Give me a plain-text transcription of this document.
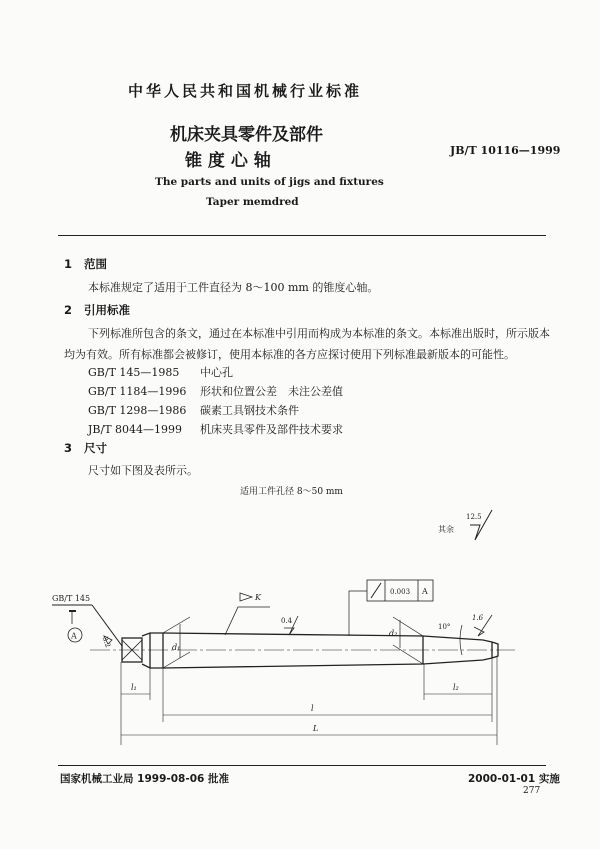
中华人民共和国机械行业标准
机床夹具零件及部件
锥 度 心 轴
JB/T 10116—1999
The parts and units of jigs and fixtures
Taper memdred
1 范围
本标准规定了适用于工件直径为 8～100 mm 的锥度心轴。
2 引用标准
下列标准所包含的条文，通过在本标准中引用而构成为本标准的条文。本标准出版时，所示版本
均为有效。所有标准都会被修订，使用本标准的各方应探讨使用下列标准最新版本的可能性。
GB/T 145—1985 中心孔
GB/T 1184—1996 形状和位置公差　未注公差值
GB/T 1298—1986 碳素工具钢技术条件
JB/T 8044—1999 机床夹具零件及部件技术要求
3 尺寸
尺寸如下图及表所示。
适用工件孔径 8～50 mm
其余
12.5
d₁
d₂
GB/T 145
A	3.2
K
0.4
0.003 A
10°
1.6
l₁	l₂
l
L
国家机械工业局 1999-08-06 批准	2000-01-01 实施
277
